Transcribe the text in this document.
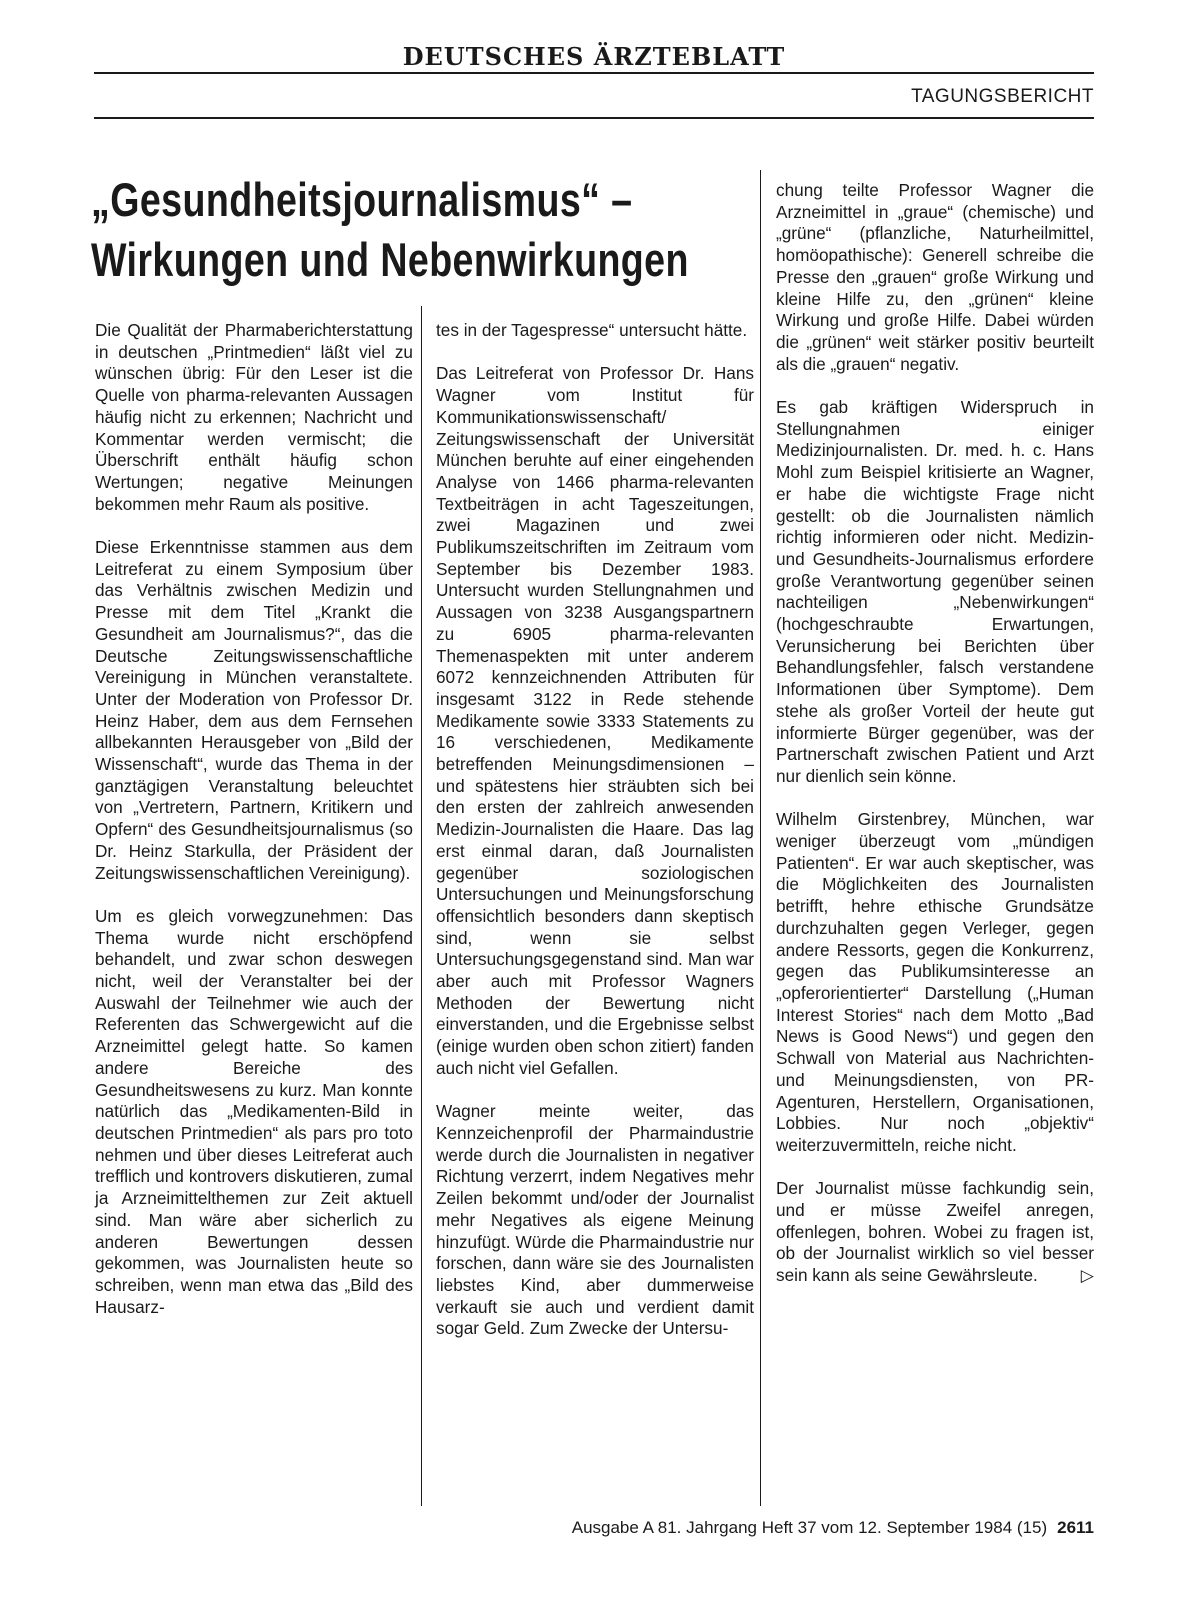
DEUTSCHES ÄRZTEBLATT
TAGUNGSBERICHT
„Gesundheitsjournalismus“ –
Wirkungen und Nebenwirkungen

Die Qualität der Pharmaberichterstattung in deutschen „Printmedien“ läßt viel zu wünschen übrig: Für den Leser ist die Quelle von pharma-relevanten Aussagen häufig nicht zu erkennen; Nachricht und Kommentar werden vermischt; die Überschrift enthält häufig schon Wertungen; negative Meinungen bekommen mehr Raum als positive.

Diese Erkenntnisse stammen aus dem Leitreferat zu einem Symposium über das Verhältnis zwischen Medizin und Presse mit dem Titel „Krankt die Gesundheit am Journalismus?“, das die Deutsche Zeitungswissenschaftliche Vereinigung in München veranstaltete. Unter der Moderation von Professor Dr. Heinz Haber, dem aus dem Fernsehen allbekannten Herausgeber von „Bild der Wissenschaft“, wurde das Thema in der ganztägigen Veranstaltung beleuchtet von „Vertretern, Partnern, Kritikern und Opfern“ des Gesundheitsjournalismus (so Dr. Heinz Starkulla, der Präsident der Zeitungswissenschaftlichen Vereinigung).

Um es gleich vorwegzunehmen: Das Thema wurde nicht erschöpfend behandelt, und zwar schon deswegen nicht, weil der Veranstalter bei der Auswahl der Teilnehmer wie auch der Referenten das Schwergewicht auf die Arzneimittel gelegt hatte. So kamen andere Bereiche des Gesundheitswesens zu kurz. Man konnte natürlich das „Medikamenten-Bild in deutschen Printmedien“ als pars pro toto nehmen und über dieses Leitreferat auch trefflich und kontrovers diskutieren, zumal ja Arzneimittelthemen zur Zeit aktuell sind. Man wäre aber sicherlich zu anderen Bewertungen dessen gekommen, was Journalisten heute so schreiben, wenn man etwa das „Bild des Hausarz-

tes in der Tagespresse“ untersucht hätte.

Das Leitreferat von Professor Dr. Hans Wagner vom Institut für Kommunikationswissenschaft/ Zeitungswissenschaft der Universität München beruhte auf einer eingehenden Analyse von 1466 pharma-relevanten Textbeiträgen in acht Tageszeitungen, zwei Magazinen und zwei Publikumszeitschriften im Zeitraum vom September bis Dezember 1983. Untersucht wurden Stellungnahmen und Aussagen von 3238 Ausgangspartnern zu 6905 pharma-relevanten Themenaspekten mit unter anderem 6072 kennzeichnenden Attributen für insgesamt 3122 in Rede stehende Medikamente sowie 3333 Statements zu 16 verschiedenen, Medikamente betreffenden Meinungsdimensionen – und spätestens hier sträubten sich bei den ersten der zahlreich anwesenden Medizin-Journalisten die Haare. Das lag erst einmal daran, daß Journalisten gegenüber soziologischen Untersuchungen und Meinungsforschung offensichtlich besonders dann skeptisch sind, wenn sie selbst Untersuchungsgegenstand sind. Man war aber auch mit Professor Wagners Methoden der Bewertung nicht einverstanden, und die Ergebnisse selbst (einige wurden oben schon zitiert) fanden auch nicht viel Gefallen.

Wagner meinte weiter, das Kennzeichenprofil der Pharmaindustrie werde durch die Journalisten in negativer Richtung verzerrt, indem Negatives mehr Zeilen bekommt und/oder der Journalist mehr Negatives als eigene Meinung hinzufügt. Würde die Pharmaindustrie nur forschen, dann wäre sie des Journalisten liebstes Kind, aber dummerweise verkauft sie auch und verdient damit sogar Geld. Zum Zwecke der Untersu-

chung teilte Professor Wagner die Arzneimittel in „graue“ (chemische) und „grüne“ (pflanzliche, Naturheilmittel, homöopathische): Generell schreibe die Presse den „grauen“ große Wirkung und kleine Hilfe zu, den „grünen“ kleine Wirkung und große Hilfe. Dabei würden die „grünen“ weit stärker positiv beurteilt als die „grauen“ negativ.

Es gab kräftigen Widerspruch in Stellungnahmen einiger Medizinjournalisten. Dr. med. h. c. Hans Mohl zum Beispiel kritisierte an Wagner, er habe die wichtigste Frage nicht gestellt: ob die Journalisten nämlich richtig informieren oder nicht. Medizin- und Gesundheits-Journalismus erfordere große Verantwortung gegenüber seinen nachteiligen „Nebenwirkungen“ (hochgeschraubte Erwartungen, Verunsicherung bei Berichten über Behandlungsfehler, falsch verstandene Informationen über Symptome). Dem stehe als großer Vorteil der heute gut informierte Bürger gegenüber, was der Partnerschaft zwischen Patient und Arzt nur dienlich sein könne.

Wilhelm Girstenbrey, München, war weniger überzeugt vom „mündigen Patienten“. Er war auch skeptischer, was die Möglichkeiten des Journalisten betrifft, hehre ethische Grundsätze durchzuhalten gegen Verleger, gegen andere Ressorts, gegen die Konkurrenz, gegen das Publikumsinteresse an „opferorientierter“ Darstellung („Human Interest Stories“ nach dem Motto „Bad News is Good News“) und gegen den Schwall von Material aus Nachrichten- und Meinungsdiensten, von PR-Agenturen, Herstellern, Organisationen, Lobbies. Nur noch „objektiv“ weiterzuvermitteln, reiche nicht.

Der Journalist müsse fachkundig sein, und er müsse Zweifel anregen, offenlegen, bohren. Wobei zu fragen ist, ob der Journalist wirklich so viel besser sein kann als seine Gewährsleute. ▷

Ausgabe A 81. Jahrgang Heft 37 vom 12. September 1984 (15) 2611
